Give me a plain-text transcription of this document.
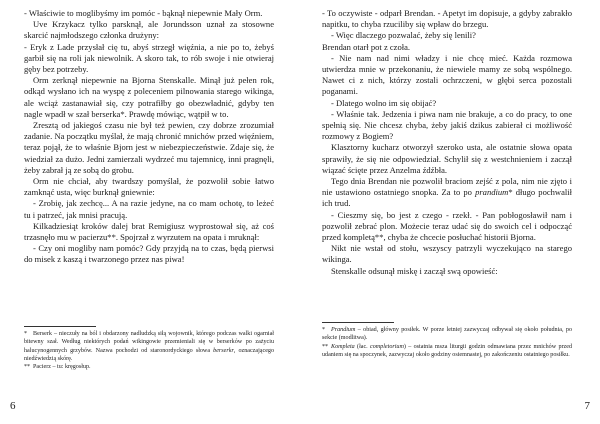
- Właściwie to moglibyśmy im pomóc - bąknął niepewnie Mały Orm.

Uve Krzykacz tylko parsknął, ale Jorundsson uznał za stosowne skarcić najmłodszego członka drużyny:

- Eryk z Lade przysłał cię tu, abyś strzegł więźnia, a nie po to, żebyś garbił się na roli jak niewolnik. A skoro tak, to rób swoje i nie otwieraj gęby bez potrzeby.

Orm zerknął niepewnie na Bjorna Stenskalle. Minął już pełen rok, odkąd wysłano ich na wyspę z poleceniem pilnowania starego wikinga, ale wciąż zastanawiał się, czy potrafiłby go obezwładnić, gdyby ten nagle wpadł w szał berserka*. Prawdę mówiąc, wątpił w to.

Zresztą od jakiegoś czasu nie był też pewien, czy dobrze zrozumiał zadanie. Na początku myślał, że mają chronić mnichów przed więźniem, teraz pojął, że to właśnie Bjorn jest w niebezpieczeństwie. Zdaje się, że wiedział za dużo. Jedni zamierzali wydrzeć mu tajemnicę, inni pragnęli, żeby zabrał ją ze sobą do grobu.

Orm nie chciał, aby twardszy pomyślał, że pozwolił sobie łatwo zamknąć usta, więc burknął gniewnie:

- Zrobię, jak zechcę... A na razie jedyne, na co mam ochotę, to leżeć tu i patrzeć, jak mnisi pracują.

Kilkadziesiąt kroków dalej brat Remigiusz wyprostował się, aż coś trzasnęło mu w pacierzu**. Spojrzał z wyrzutem na opata i mruknął:

- Czy oni mogliby nam pomóc? Gdy przyjdą na to czas, będą pierwsi do misek z kaszą i twarzonego przez nas piwa!

* Berserk – nieczuły na ból i obdarzony nadludzką siłą wojownik, którego podczas walki ogarniał bitewny szał. Według niektórych podań wikingowie przemieniali się w berserków po zażyciu halucynogennych grzybów. Nazwa pochodzi od staronordyckiego słowa berserkr, oznaczającego niedźwiedzią skórę.

** Pacierz – tu: kręgosłup.

6

- To oczywiste - odparł Brendan. - Apetyt im dopisuje, a gdyby zabrakło napitku, to chyba rzuciliby się wpław do brzegu.

- Więc dlaczego pozwalać, żeby się lenili?

Brendan otarł pot z czoła.

- Nie nam nad nimi władzy i nie chcę mieć. Każda rozmowa utwierdza mnie w przekonaniu, że niewiele mamy ze sobą wspólnego. Nawet ci z nich, którzy zostali ochrzczeni, w głębi serca pozostali poganami.

- Dlatego wolno im się obijać?

- Właśnie tak. Jedzenia i piwa nam nie brakuje, a co do pracy, to one spełnią się. Nie chcesz chyba, żeby jakiś dzikus zabierał ci możliwość rozmowy z Bogiem?

Klasztorny kucharz otworzył szeroko usta, ale ostatnie słowa opata sprawiły, że się nie odpowiedział. Schylił się z westchnieniem i zaczął wiązać ścięte przez Anzelma źdźbła.

Tego dnia Brendan nie pozwolił braciom zejść z pola, nim nie zjęto i nie ustawiono ostatniego snopka. Za to po prandium* długo pochwalił ich trud.

- Cieszmy się, bo jest z czego - rzekł. - Pan pobłogosławił nam i pozwolił zebrać plon. Możecie teraz udać się do swoich cel i odpocząć przed kompletą**, chyba że chcecie posłuchać historii Bjorna.

Nikt nie wstał od stołu, wszyscy patrzyli wyczekująco na starego wikinga.

Stenskalle odsunął miskę i zaczął swą opowieść:

* Prandium – obiad, główny posiłek. W porze letniej zazwyczaj odbywał się około południa, po sekcie (modlitwa).

** Kompleta (łac. completorium) – ostatnia msza liturgii godzin odmawiana przez mnichów przed udaniem się na spoczynek, zazwyczaj około godziny osiemnastej, po zakończeniu ostatniego posiłku.

7
